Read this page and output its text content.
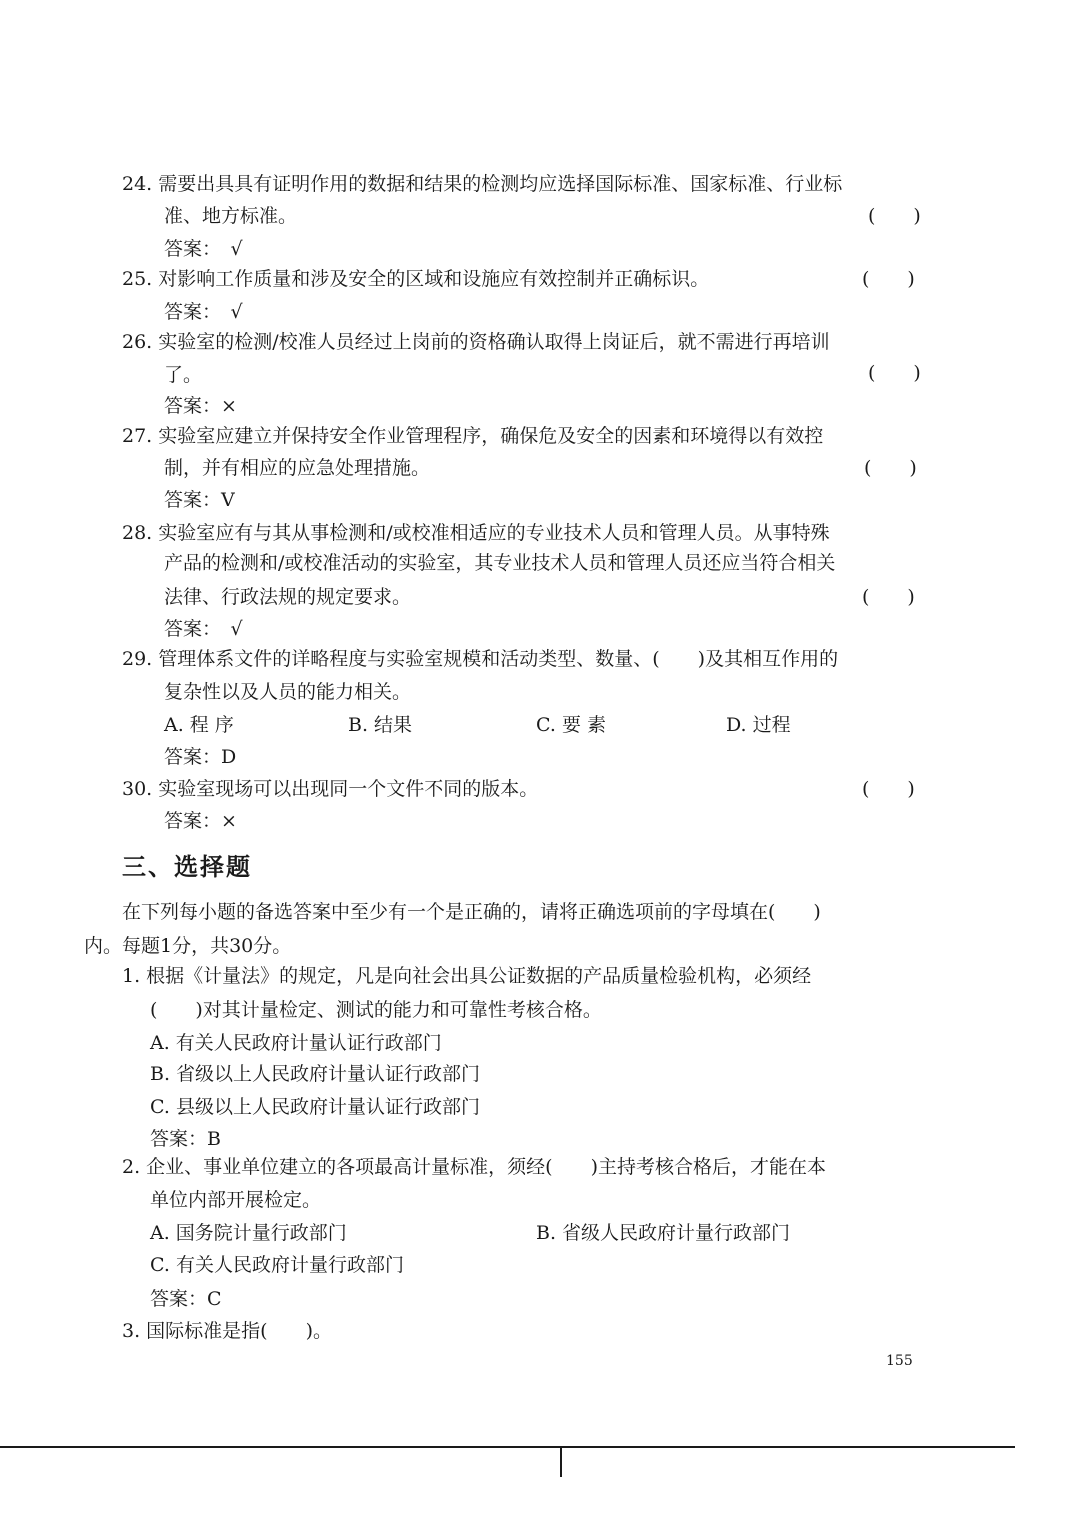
24. 需要出具具有证明作用的数据和结果的检测均应选择国际标准、国家标准、行业标
准、地方标准。	(　　)
答案：　√
25. 对影响工作质量和涉及安全的区域和设施应有效控制并正确标识。	(　　)
答案：　√
26. 实验室的检测/校准人员经过上岗前的资格确认取得上岗证后，就不需进行再培训
了。	(　　)
答案：×
27. 实验室应建立并保持安全作业管理程序，确保危及安全的因素和环境得以有效控
制，并有相应的应急处理措施。	(　　)
答案：V
28. 实验室应有与其从事检测和/或校准相适应的专业技术人员和管理人员。从事特殊
产品的检测和/或校准活动的实验室，其专业技术人员和管理人员还应当符合相关
法律、行政法规的规定要求。	(　　)
答案：　√
29. 管理体系文件的详略程度与实验室规模和活动类型、数量、(　　)及其相互作用的
复杂性以及人员的能力相关。
A. 程 序	B. 结果	C. 要 素	D. 过程
答案：D
30. 实验室现场可以出现同一个文件不同的版本。	(　　)
答案：×
三、选择题
在下列每小题的备选答案中至少有一个是正确的，请将正确选项前的字母填在(　　)
内。每题1分，共30分。
1. 根据《计量法》的规定，凡是向社会出具公证数据的产品质量检验机构，必须经
(　　)对其计量检定、测试的能力和可靠性考核合格。
A. 有关人民政府计量认证行政部门
B. 省级以上人民政府计量认证行政部门
C. 县级以上人民政府计量认证行政部门
答案：B
2. 企业、事业单位建立的各项最高计量标准，须经(　　)主持考核合格后，才能在本
单位内部开展检定。
A. 国务院计量行政部门	B. 省级人民政府计量行政部门
C. 有关人民政府计量行政部门
答案：C
3. 国际标准是指(　　)。
155
